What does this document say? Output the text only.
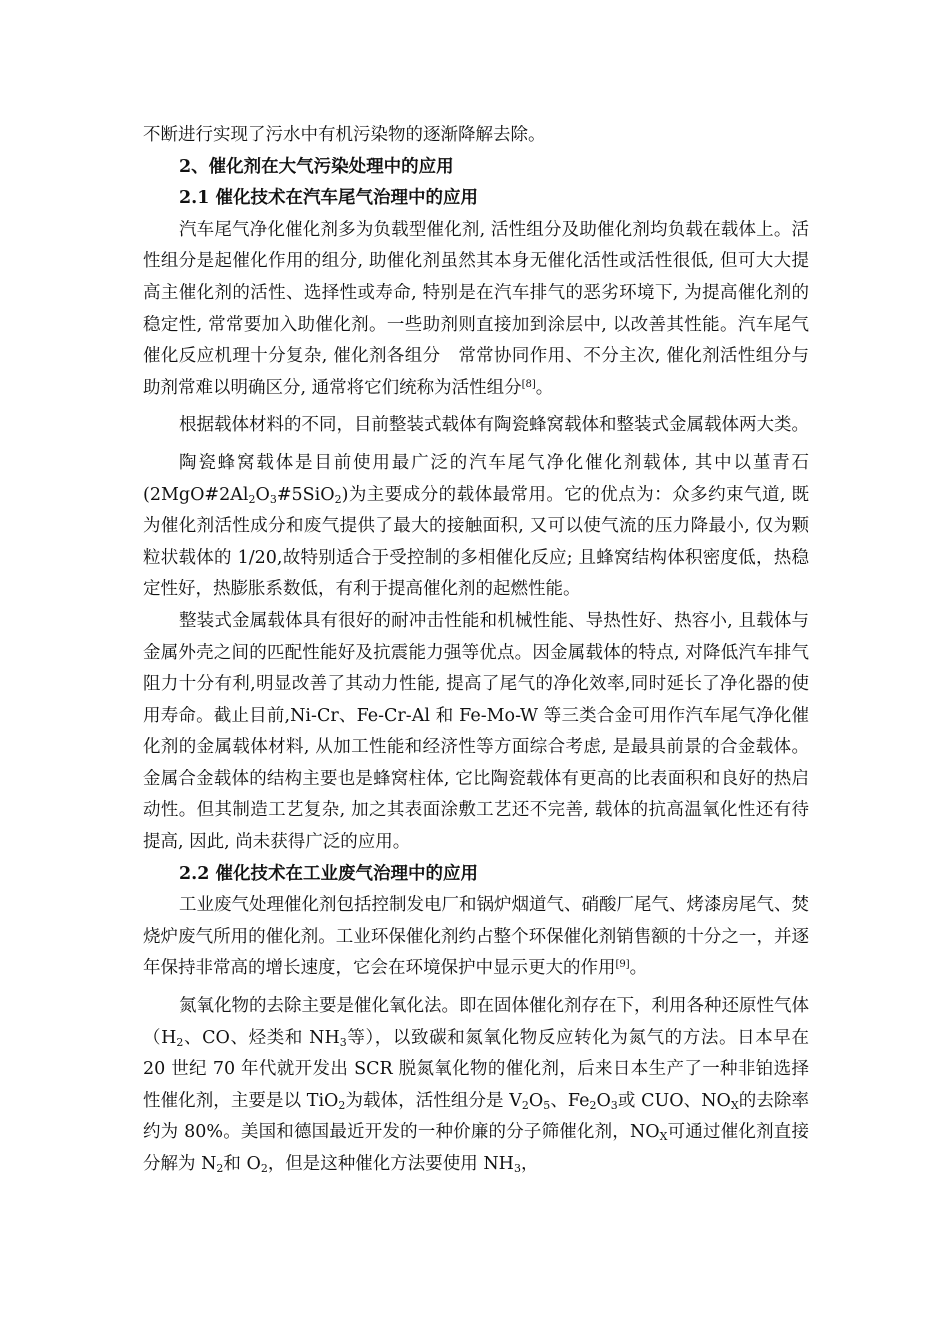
不断进行实现了污水中有机污染物的逐渐降解去除。

2、催化剂在大气污染处理中的应用
2.1 催化技术在汽车尾气治理中的应用

汽车尾气净化催化剂多为负载型催化剂, 活性组分及助催化剂均负载在载体上。活性组分是起催化作用的组分, 助催化剂虽然其本身无催化活性或活性很低, 但可大大提高主催化剂的活性、选择性或寿命, 特别是在汽车排气的恶劣环境下, 为提高催化剂的稳定性, 常常要加入助催化剂。一些助剂则直接加到涂层中, 以改善其性能。汽车尾气催化反应机理十分复杂, 催化剂各组分　常常协同作用、不分主次, 催化剂活性组分与助剂常难以明确区分, 通常将它们统称为活性组分[8]。

根据载体材料的不同，目前整装式载体有陶瓷蜂窝载体和整装式金属载体两大类。

陶瓷蜂窝载体是目前使用最广泛的汽车尾气净化催化剂载体, 其中以堇青石$(2MgO\#2Al_2O_3\#5SiO_2)$为主要成分的载体最常用。它的优点为：众多约束气道, 既为催化剂活性成分和废气提供了最大的接触面积, 又可以使气流的压力降最小, 仅为颗粒状载体的 1/20,故特别适合于受控制的多相催化反应; 且蜂窝结构体积密度低，热稳定性好，热膨胀系数低，有利于提高催化剂的起燃性能。

整装式金属载体具有很好的耐冲击性能和机械性能、导热性好、热容小, 且载体与金属外壳之间的匹配性能好及抗震能力强等优点。因金属载体的特点, 对降低汽车排气阻力十分有利,明显改善了其动力性能, 提高了尾气的净化效率,同时延长了净化器的使用寿命。截止目前,Ni-Cr、Fe-Cr-Al 和 Fe-Mo-W 等三类合金可用作汽车尾气净化催化剂的金属载体材料, 从加工性能和经济性等方面综合考虑, 是最具前景的合金载体。金属合金载体的结构主要也是蜂窝柱体, 它比陶瓷载体有更高的比表面积和良好的热启动性。但其制造工艺复杂, 加之其表面涂敷工艺还不完善, 载体的抗高温氧化性还有待提高, 因此, 尚未获得广泛的应用。

2.2 催化技术在工业废气治理中的应用

工业废气处理催化剂包括控制发电厂和锅炉烟道气、硝酸厂尾气、烤漆房尾气、焚烧炉废气所用的催化剂。工业环保催化剂约占整个环保催化剂销售额的十分之一，并逐年保持非常高的增长速度，它会在环境保护中显示更大的作用[9]。

氮氧化物的去除主要是催化氧化法。即在固体催化剂存在下，利用各种还原性气体（$H_2$、CO、烃类和 $NH_3$等），以致碳和氮氧化物反应转化为氮气的方法。日本早在 20 世纪 70 年代就开发出 SCR 脱氮氧化物的催化剂，后来日本生产了一种非铂选择性催化剂，主要是以 TiO$_2$为载体，活性组分是 $V_2O_5$、$Fe_2O_3$或 CUO、$NO_X$的去除率约为 80%。美国和德国最近开发的一种价廉的分子筛催化剂，$NO_X$可通过催化剂直接分解为 $N_2$和 $O_2$，但是这种催化方法要使用 $NH_3$，
